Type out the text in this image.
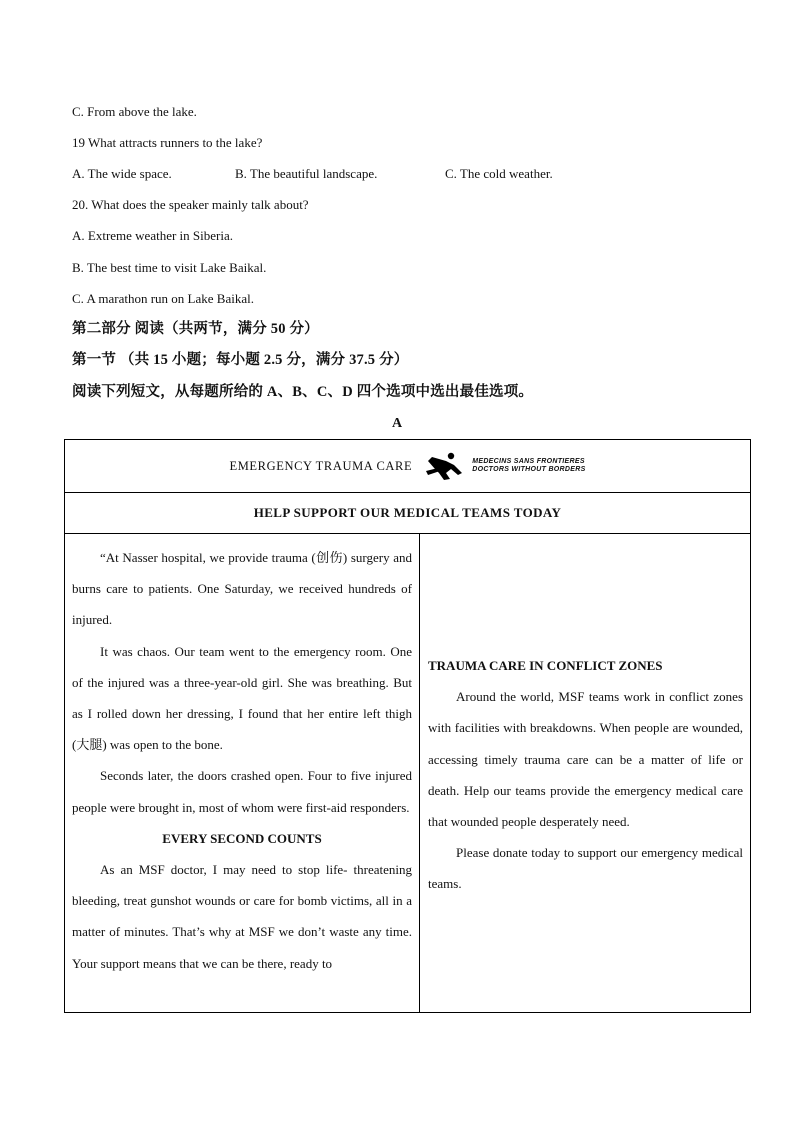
C. From above the lake.
19 What attracts runners to the lake?
A. The wide space.	B. The beautiful landscape.	C. The cold weather.
20. What does the speaker mainly talk about?
A. Extreme weather in Siberia.
B. The best time to visit Lake Baikal.
C. A marathon run on Lake Baikal.
第二部分 阅读（共两节，满分 50 分）
第一节 （共 15 小题；每小题 2.5 分，满分 37.5 分）
阅读下列短文，从每题所给的 A、B、C、D 四个选项中选出最佳选项。
A
EMERGENCY TRAUMA CARE	MEDECINS SANS FRONTIERES
DOCTORS WITHOUT BORDERS

HELP SUPPORT OUR MEDICAL TEAMS TODAY

“At Nasser hospital, we provide trauma (创伤) surgery and burns care to patients. One Saturday, we received hundreds of injured.

It was chaos. Our team went to the emergency room. One of the injured was a three-year-old girl. She was breathing. But as I rolled down her dressing, I found that her entire left thigh (大腿) was open to the bone.

Seconds later, the doors crashed open. Four to five injured people were brought in, most of whom were first-aid responders.

EVERY SECOND COUNTS

As an MSF doctor, I may need to stop life- threatening bleeding, treat gunshot wounds or care for bomb victims, all in a matter of minutes. That’s why at MSF we don’t waste any time. Your support means that we can be there, ready to

TRAUMA CARE IN CONFLICT ZONES

Around the world, MSF teams work in conflict zones with facilities with breakdowns. When people are wounded, accessing timely trauma care can be a matter of life or death. Help our teams provide the emergency medical care that wounded people desperately need.

Please donate today to support our emergency medical teams.
